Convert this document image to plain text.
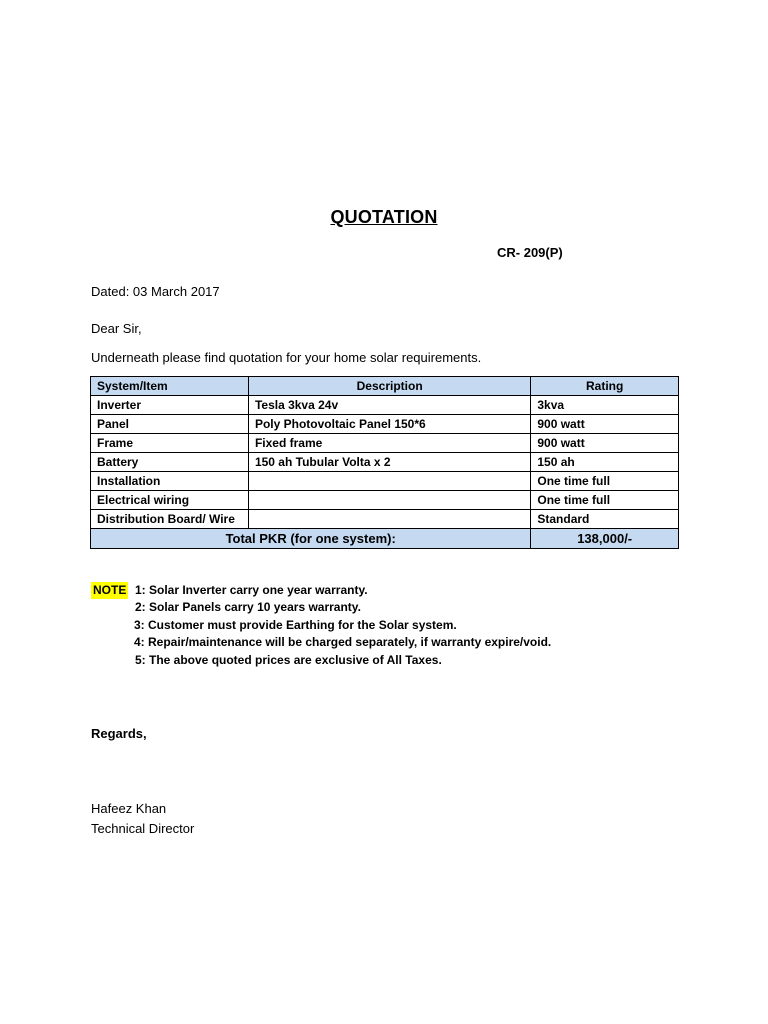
QUOTATION
CR- 209(P)
Dated: 03 March 2017
Dear Sir,
Underneath please find quotation for your home solar requirements.
System/Item	Description	Rating
Inverter	Tesla 3kva 24v	3kva
Panel	Poly Photovoltaic Panel 150*6	900 watt
Frame	Fixed frame	900 watt
Battery	150 ah Tubular Volta x 2	150 ah
Installation		One time full
Electrical wiring		One time full
Distribution Board/ Wire		Standard
Total PKR (for one system):		138,000/-
NOTE 1: Solar Inverter carry one year warranty.
2: Solar Panels carry 10 years warranty.
3: Customer must provide Earthing for the Solar system.
4: Repair/maintenance will be charged separately, if warranty expire/void.
5: The above quoted prices are exclusive of All Taxes.
Regards,
Hafeez Khan
Technical Director
